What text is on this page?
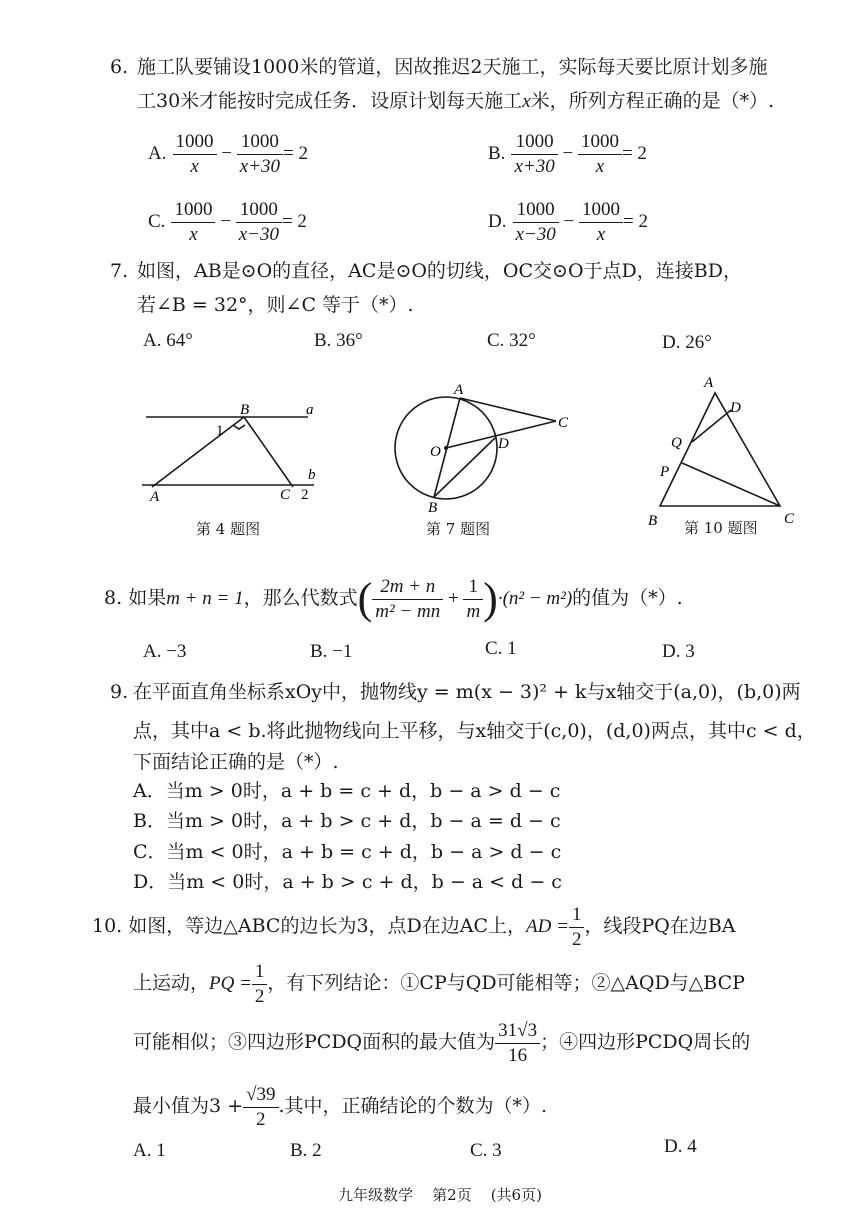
6. 施工队要铺设1000米的管道，因故推迟2天施工，实际每天要比原计划多施
工30米才能按时完成任务．设原计划每天施工x米，所列方程正确的是（*）.
A. $\frac{1000}{x} - \frac{1000}{x+30} = 2$	B. $\frac{1000}{x+30} - \frac{1000}{x} = 2$
C. $\frac{1000}{x} - \frac{1000}{x-30} = 2$	D. $\frac{1000}{x-30} - \frac{1000}{x} = 2$
7. 如图，AB是⊙O的直径，AC是⊙O的切线，OC交⊙O于点D，连接BD，
若∠B = 32°，则∠C 等于（*）.
A. 64°	B. 36°	C. 32°	D. 26°
B	a
1
b
A	C 2
第 4 题图
A
C
O	D
B
第 7 题图
A
D
Q
P
B	C
第 10 题图
8. 如果m + n = 1，那么代数式( $\frac{2m + n}{\text{m² − mn}} + \frac{1}{m} )\cdot(n^2 - m^2)$的值为（*）.
A. −3	B. −1	C. 1	D. 3
9. 在平面直角坐标系xOy中，抛物线y = m(x − 3)² + k与x轴交于(a,0)，(b,0)两
点，其中a < b.将此抛物线向上平移，与x轴交于(c,0)，(d,0)两点，其中c < d，
下面结论正确的是（*）.
A．当m > 0时，a + b = c + d，b − a > d − c
B．当m > 0时，a + b > c + d，b − a = d − c
C．当m < 0时，a + b = c + d，b − a > d − c
D．当m < 0时，a + b > c + d，b − a < d − c
10. 如图，等边△ABC的边长为3，点D在边AC上，AD = $\frac{1}{2}$ ，线段PQ在边BA
上运动，PQ = $\frac{1}{2}$ ，有下列结论：①CP与QD可能相等；②△AQD与△BCP
可能相似；③四边形PCDQ面积的最大值为 $\frac{31√3}{16}$ ；④四边形PCDQ周长的
最小值为$3 + \frac{√39}{2}$ .其中，正确结论的个数为（*）.
A. 1	B. 2	C. 3	D. 4
九年级数学    第2页    (共6页)
